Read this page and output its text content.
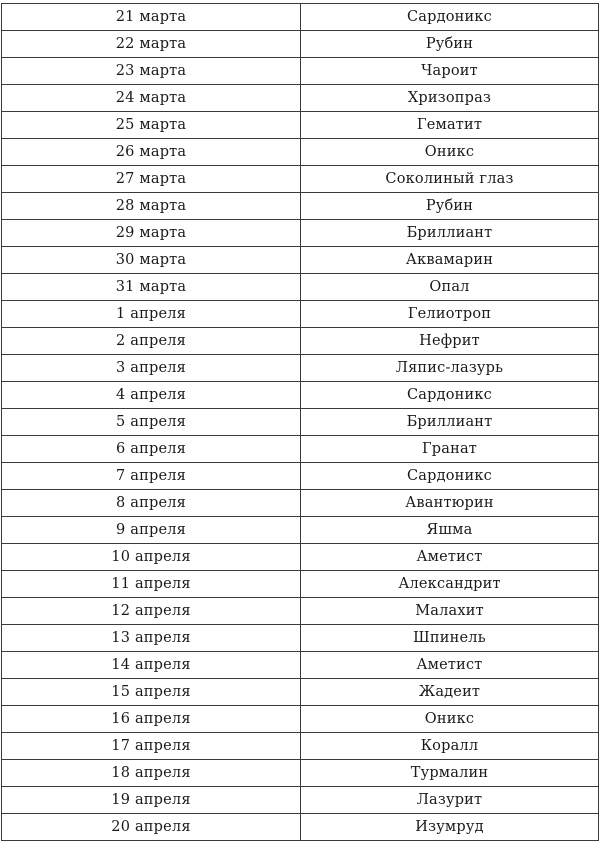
21 марта	Сардоникс
22 марта	Рубин
23 марта	Чароит
24 марта	Хризопраз
25 марта	Гематит
26 марта	Оникс
27 марта	Соколиный глаз
28 марта	Рубин
29 марта	Бриллиант
30 марта	Аквамарин
31 марта	Опал
1 апреля	Гелиотроп
2 апреля	Нефрит
3 апреля	Ляпис-лазурь
4 апреля	Сардоникс
5 апреля	Бриллиант
6 апреля	Гранат
7 апреля	Сардоникс
8 апреля	Авантюрин
9 апреля	Яшма
10 апреля	Аметист
11 апреля	Александрит
12 апреля	Малахит
13 апреля	Шпинель
14 апреля	Аметист
15 апреля	Жадеит
16 апреля	Оникс
17 апреля	Коралл
18 апреля	Турмалин
19 апреля	Лазурит
20 апреля	Изумруд
